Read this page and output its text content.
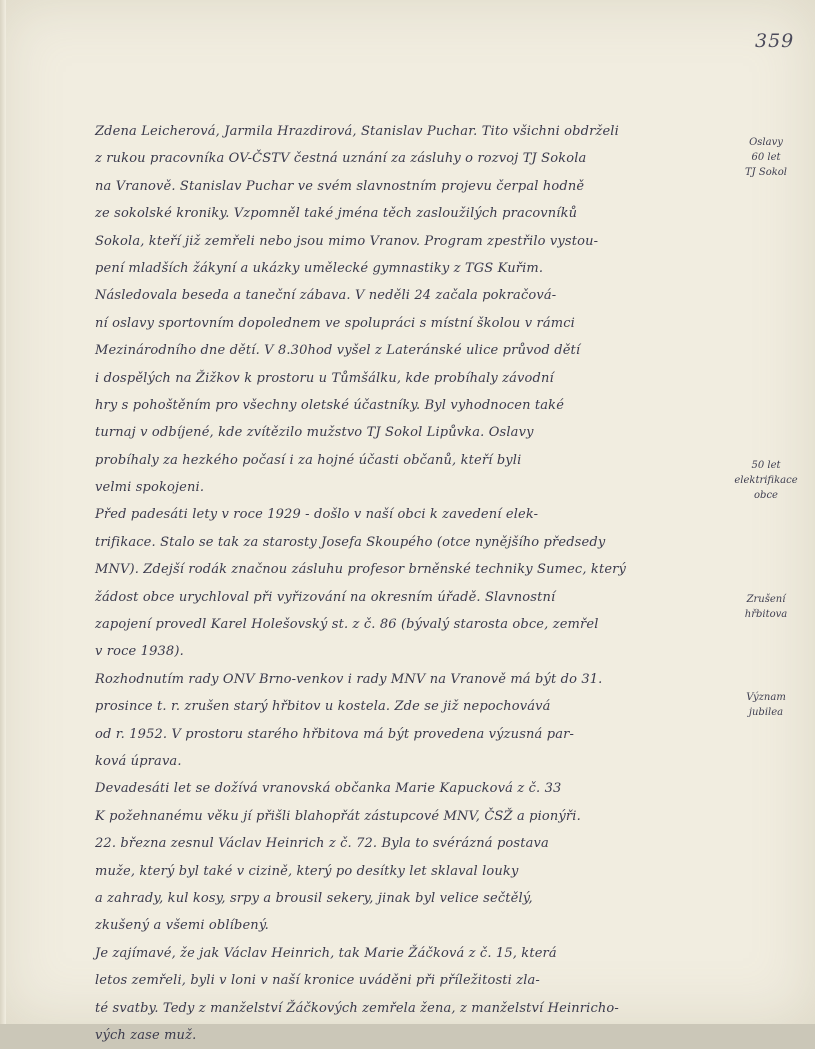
359
Zdena Leicherová, Jarmila Hrazdirová, Stanislav Puchar. Tito všichni obdrželi
z rukou pracovníka OV-ČSTV čestná uznání za zásluhy o rozvoj TJ Sokola
na Vranově. Stanislav Puchar ve svém slavnostním projevu čerpal hodně
ze sokolské kroniky. Vzpomněl také jména těch zasloužilých pracovníků
Sokola, kteří již zemřeli nebo jsou mimo Vranov. Program zpestřilo vystou-
pení mladších žákyní a ukázky umělecké gymnastiky z TGS Kuřim.
Následovala beseda a taneční zábava. V neděli 24 začala pokračová-
ní oslavy sportovním dopolednem ve spolupráci s místní školou v rámci
Mezinárodního dne dětí. V 8.30hod vyšel z Lateránské ulice průvod dětí
i dospělých na Žižkov k prostoru u Tůmšálku, kde probíhaly závodní
hry s pohoštěním pro všechny oletské účastníky. Byl vyhodnocen také
turnaj v odbíjené, kde zvítězilo mužstvo TJ Sokol Lipůvka. Oslavy
probíhaly za hezkého počasí i za hojné účasti občanů, kteří byli
velmi spokojeni.
Před padesáti lety v roce 1929 - došlo v naší obci k zavedení elek-
trifikace. Stalo se tak za starosty Josefa Skoupého (otce nynějšího předsedy
MNV). Zdejší rodák značnou zásluhu profesor brněnské techniky Sumec, který
žádost obce urychloval při vyřizování na okresním úřadě. Slavnostní
zapojení provedl Karel Holešovský st. z č. 86 (bývalý starosta obce, zemřel
v roce 1938).
Rozhodnutím rady ONV Brno-venkov i rady MNV na Vranově má být do 31.
prosince t. r. zrušen starý hřbitov u kostela. Zde se již nepochovává
od r. 1952. V prostoru starého hřbitova má být provedena výzusná par-
ková úprava.
Devadesáti let se dožívá vranovská občanka Marie Kapucková z č. 33
K požehnanému věku jí přišli blahopřát zástupcové MNV, ČSŽ a pionýři.
22. března zesnul Václav Heinrich z č. 72. Byla to svérázná postava
muže, který byl také v cizině, který po desítky let sklaval louky
a zahrady, kul kosy, srpy a brousil sekery, jinak byl velice sečtělý,
zkušený a všemi oblíbený.
Je zajímavé, že jak Václav Heinrich, tak Marie Žáčková z č. 15, která
letos zemřeli, byli v loni v naší kronice uváděni při příležitosti zla-
té svatby. Tedy z manželství Žáčkových zemřela žena, z manželství Heinricho-
vých zase muž.
Oslavy
60 let
TJ Sokol
50 let
elektrifikace
obce
Zrušení
hřbitova
Význam
jubilea
